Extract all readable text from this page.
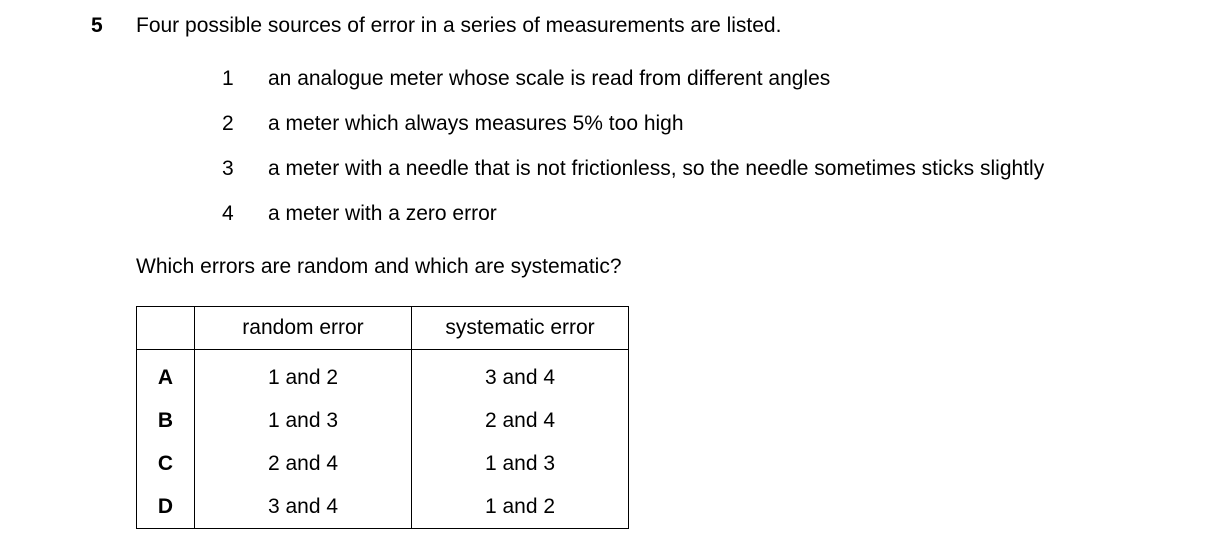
5 Four possible sources of error in a series of measurements are listed.
1 an analogue meter whose scale is read from different angles
2 a meter which always measures 5% too high
3 a meter with a needle that is not frictionless, so the needle sometimes sticks slightly
4 a meter with a zero error
Which errors are random and which are systematic?
	random error	systematic error
A	1 and 2	3 and 4
B	1 and 3	2 and 4
C	2 and 4	1 and 3
D	3 and 4	1 and 2
